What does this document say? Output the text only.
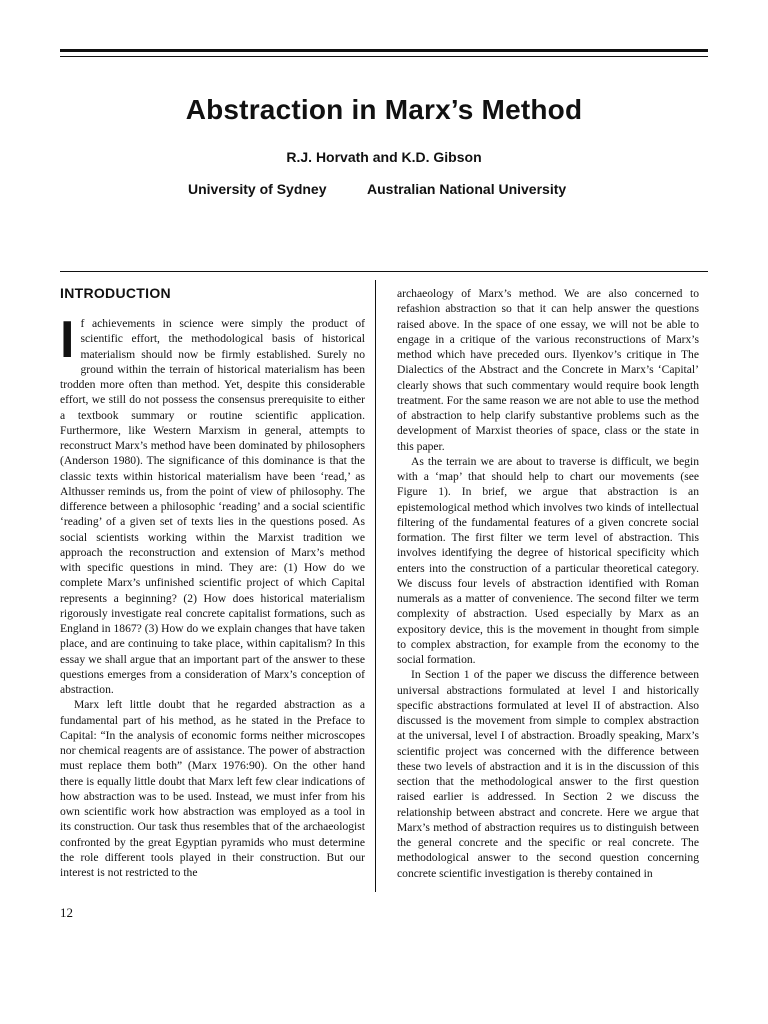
Abstraction in Marx’s Method
R.J. Horvath and K.D. Gibson
University of Sydney	Australian National University
INTRODUCTION
I f achievements in science were simply the product of scientific effort, the methodological basis of historical materialism should now be firmly established. Surely no ground within the terrain of historical materialism has been trodden more often than method. Yet, despite this considerable effort, we still do not possess the consensus prerequisite to either a textbook summary or routine scientific application. Furthermore, like Western Marxism in general, attempts to reconstruct Marx’s method have been dominated by philosophers (Anderson 1980). The significance of this dominance is that the classic texts within historical materialism have been ‘read,’ as Althusser reminds us, from the point of view of philosophy. The difference between a philosophic ‘reading’ and a social scientific ‘reading’ of a given set of texts lies in the questions posed. As social scientists working within the Marxist tradition we approach the reconstruction and extension of Marx’s method with specific questions in mind. They are: (1) How do we complete Marx’s unfinished scientific project of which Capital represents a beginning? (2) How does historical materialism rigorously investigate real concrete capitalist formations, such as England in 1867? (3) How do we explain changes that have taken place, and are continuing to take place, within capitalism? In this essay we shall argue that an important part of the answer to these questions emerges from a consideration of Marx’s conception of abstraction.

Marx left little doubt that he regarded abstraction as a fundamental part of his method, as he stated in the Preface to Capital: “In the analysis of economic forms neither microscopes nor chemical reagents are of assistance. The power of abstraction must replace them both” (Marx 1976:90). On the other hand there is equally little doubt that Marx left few clear indications of how abstraction was to be used. Instead, we must infer from his own scientific work how abstraction was employed as a tool in its construction. Our task thus resembles that of the archaeologist confronted by the great Egyptian pyramids who must determine the role different tools played in their construction. But our interest is not restricted to the

archaeology of Marx’s method. We are also concerned to refashion abstraction so that it can help answer the questions raised above. In the space of one essay, we will not be able to engage in a critique of the various reconstructions of Marx’s method which have preceded ours. Ilyenkov’s critique in The Dialectics of the Abstract and the Concrete in Marx’s ‘Capital’ clearly shows that such commentary would require book length treatment. For the same reason we are not able to use the method of abstraction to help clarify substantive problems such as the development of Marxist theories of space, class or the state in this paper.

As the terrain we are about to traverse is difficult, we begin with a ‘map’ that should help to chart our movements (see Figure 1). In brief, we argue that abstraction is an epistemological method which involves two kinds of intellectual filtering of the fundamental features of a given concrete social formation. The first filter we term level of abstraction. This involves identifying the degree of historical specificity which enters into the construction of a particular theoretical category. We discuss four levels of abstraction identified with Roman numerals as a matter of convenience. The second filter we term complexity of abstraction. Used especially by Marx as an expository device, this is the movement in thought from simple to complex abstraction, for example from the economy to the social formation.

In Section 1 of the paper we discuss the difference between universal abstractions formulated at level I and historically specific abstractions formulated at level II of abstraction. Also discussed is the movement from simple to complex abstraction at the universal, level I of abstraction. Broadly speaking, Marx’s scientific project was concerned with the difference between these two levels of abstraction and it is in the discussion of this section that the methodological answer to the first question raised earlier is addressed. In Section 2 we discuss the relationship between abstract and concrete. Here we argue that Marx’s method of abstraction requires us to distinguish between the general concrete and the specific or real concrete. The methodological answer to the second question concerning concrete scientific investigation is thereby contained in

12
